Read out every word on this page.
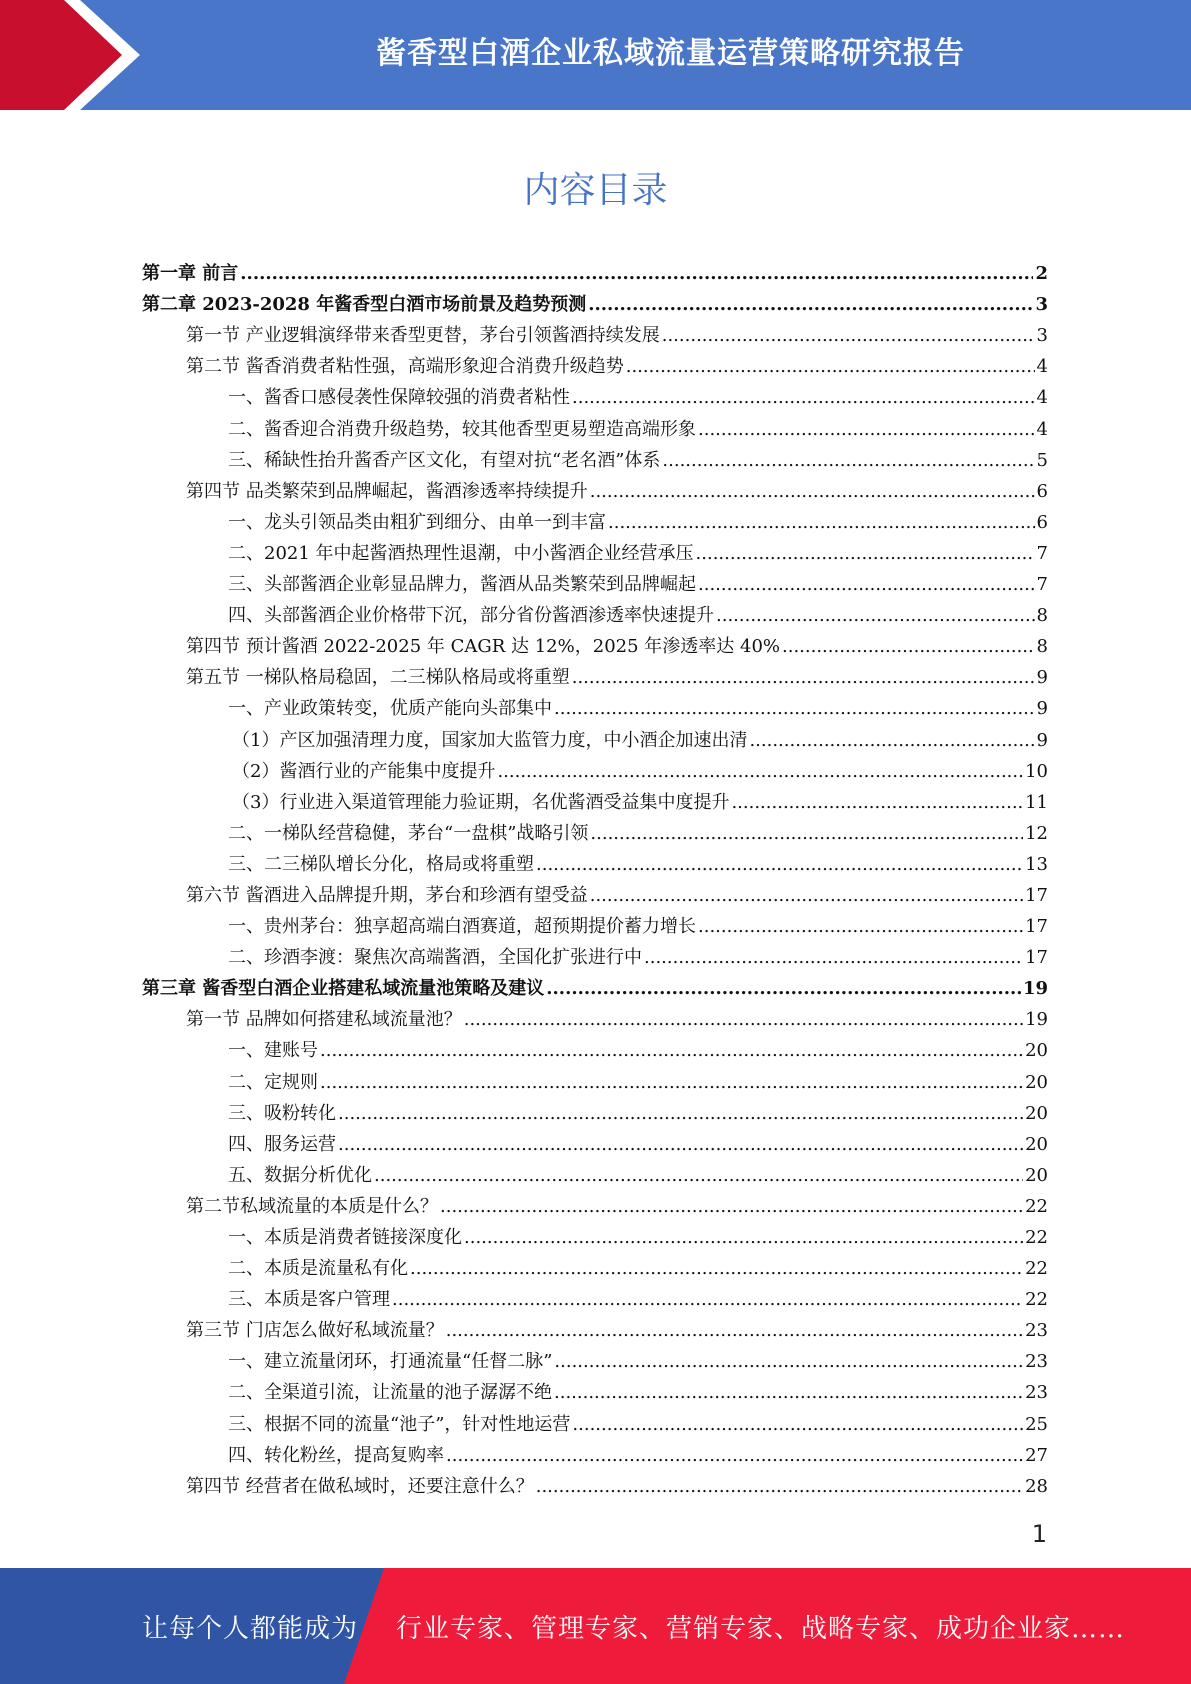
酱香型白酒企业私域流量运营策略研究报告
内容目录
第一章 前言 .....	2
第二章 2023-2028 年酱香型白酒市场前景及趋势预测 .....	3
第一节 产业逻辑演绎带来香型更替，茅台引领酱酒持续发展 .....	3
第二节 酱香消费者粘性强，高端形象迎合消费升级趋势 .....	4
一、酱香口感侵袭性保障较强的消费者粘性 .....	4
二、酱香迎合消费升级趋势，较其他香型更易塑造高端形象 .....	4
三、稀缺性抬升酱香产区文化，有望对抗“老名酒”体系 .....	5
第四节 品类繁荣到品牌崛起，酱酒渗透率持续提升 .....	6
一、龙头引领品类由粗犷到细分、由单一到丰富 .....	6
二、2021 年中起酱酒热理性退潮，中小酱酒企业经营承压 .....	7
三、头部酱酒企业彰显品牌力，酱酒从品类繁荣到品牌崛起 .....	7
四、头部酱酒企业价格带下沉，部分省份酱酒渗透率快速提升 .....	8
第四节 预计酱酒 2022-2025 年 CAGR 达 12%，2025 年渗透率达 40% .....	8
第五节 一梯队格局稳固，二三梯队格局或将重塑 .....	9
一、产业政策转变，优质产能向头部集中 .....	9
（1）产区加强清理力度，国家加大监管力度，中小酒企加速出清 .....	9
（2）酱酒行业的产能集中度提升 .....	10
（3）行业进入渠道管理能力验证期，名优酱酒受益集中度提升 .....	11
二、一梯队经营稳健，茅台“一盘棋”战略引领 .....	12
三、二三梯队增长分化，格局或将重塑 .....	13
第六节 酱酒进入品牌提升期，茅台和珍酒有望受益 .....	17
一、贵州茅台：独享超高端白酒赛道，超预期提价蓄力增长 .....	17
二、珍酒李渡：聚焦次高端酱酒，全国化扩张进行中 .....	17
第三章 酱香型白酒企业搭建私域流量池策略及建议 .....	19
第一节 品牌如何搭建私域流量池？ .....	19
一、建账号 .....	20
二、定规则 .....	20
三、吸粉转化 .....	20
四、服务运营 .....	20
五、数据分析优化 .....	20
第二节私域流量的本质是什么？ .....	22
一、本质是消费者链接深度化 .....	22
二、本质是流量私有化 .....	22
三、本质是客户管理 .....	22
第三节 门店怎么做好私域流量？ .....	23
一、建立流量闭环，打通流量“任督二脉” .....	23
二、全渠道引流，让流量的池子潺潺不绝 .....	23
三、根据不同的流量“池子”，针对性地运营 .....	25
四、转化粉丝，提高复购率 .....	27
第四节 经营者在做私域时，还要注意什么？ .....	28
1
让每个人都能成为 行业专家、管理专家、营销专家、战略专家、成功企业家……
